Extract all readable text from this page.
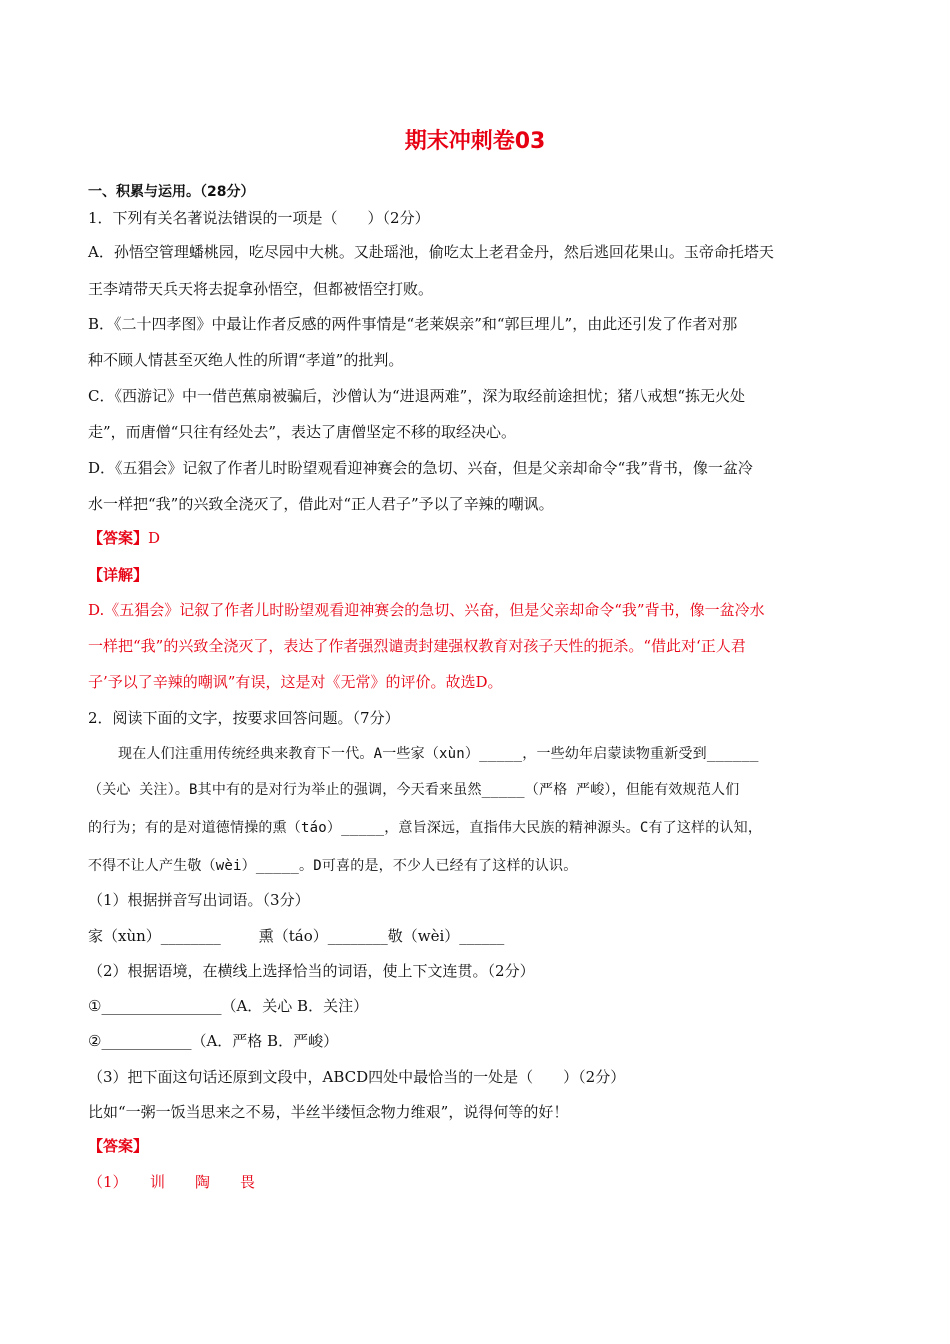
期末冲刺卷03
一、积累与运用。（28分）
1．下列有关名著说法错误的一项是（　　）（2分）
A．孙悟空管理蟠桃园，吃尽园中大桃。又赴瑶池，偷吃太上老君金丹，然后逃回花果山。玉帝命托塔天
王李靖带天兵天将去捉拿孙悟空，但都被悟空打败。
B．《二十四孝图》中最让作者反感的两件事情是“老莱娱亲”和“郭巨埋儿”，由此还引发了作者对那
种不顾人情甚至灭绝人性的所谓“孝道”的批判。
C．《西游记》中一借芭蕉扇被骗后，沙僧认为“进退两难”，深为取经前途担忧；猪八戒想“拣无火处
走”，而唐僧“只往有经处去”，表达了唐僧坚定不移的取经决心。
D．《五猖会》记叙了作者儿时盼望观看迎神赛会的急切、兴奋，但是父亲却命令“我”背书，像一盆冷
水一样把“我”的兴致全浇灭了，借此对“正人君子”予以了辛辣的嘲讽。
【答案】D
【详解】
D.《五猖会》记叙了作者儿时盼望观看迎神赛会的急切、兴奋，但是父亲却命令“我”背书，像一盆冷水
一样把“我”的兴致全浇灭了，表达了作者强烈谴责封建强权教育对孩子天性的扼杀。“借此对‘正人君
子’予以了辛辣的嘲讽”有误，这是对《无常》的评价。故选D。
2．阅读下面的文字，按要求回答问题。（7分）
现在人们注重用传统经典来教育下一代。A一些家（xùn）_____，一些幼年启蒙读物重新受到______
（关心 关注）。B其中有的是对行为举止的强调，今天看来虽然_____（严格 严峻），但能有效规范人们
的行为；有的是对道德情操的熏（táo）_____，意旨深远，直指伟大民族的精神源头。C有了这样的认知，
不得不让人产生敬（wèi）_____。D可喜的是，不少人已经有了这样的认识。
（1）根据拼音写出词语。（3分）
家（xùn）________	熏（táo）________敬（wèi）______
（2）根据语境，在横线上选择恰当的词语，使上下文连贯。（2分）
①________________（A．关心 B．关注）
②____________（A．严格 B．严峻）
（3）把下面这句话还原到文段中，ABCD四处中最恰当的一处是（　　）（2分）
比如“一粥一饭当思来之不易，半丝半缕恒念物力维艰”，说得何等的好！
【答案】
（1）　　训　　陶　　畏
